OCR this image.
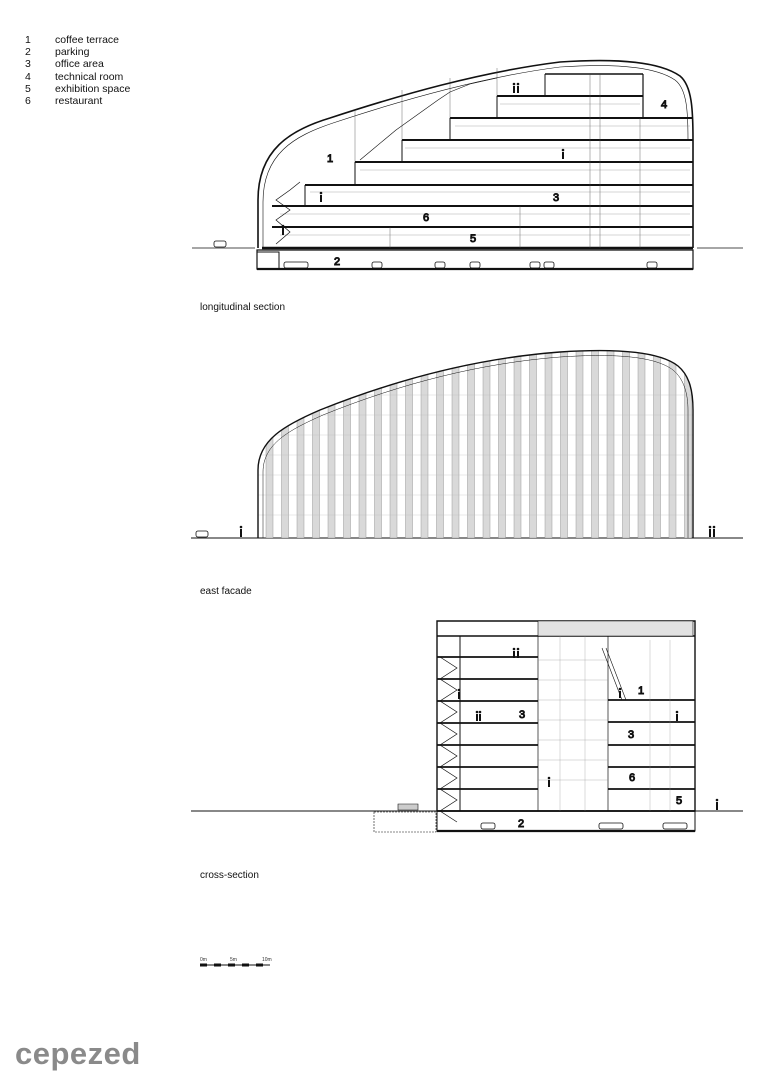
1	coffee terrace
2	parking
3	office area
4	technical room
5	exhibition space
6	restaurant
1
2
3
4
5
6
1
2
3
3
5
6
longitudinal section
east facade
cross-section
0m	5m	10m
cepezed
